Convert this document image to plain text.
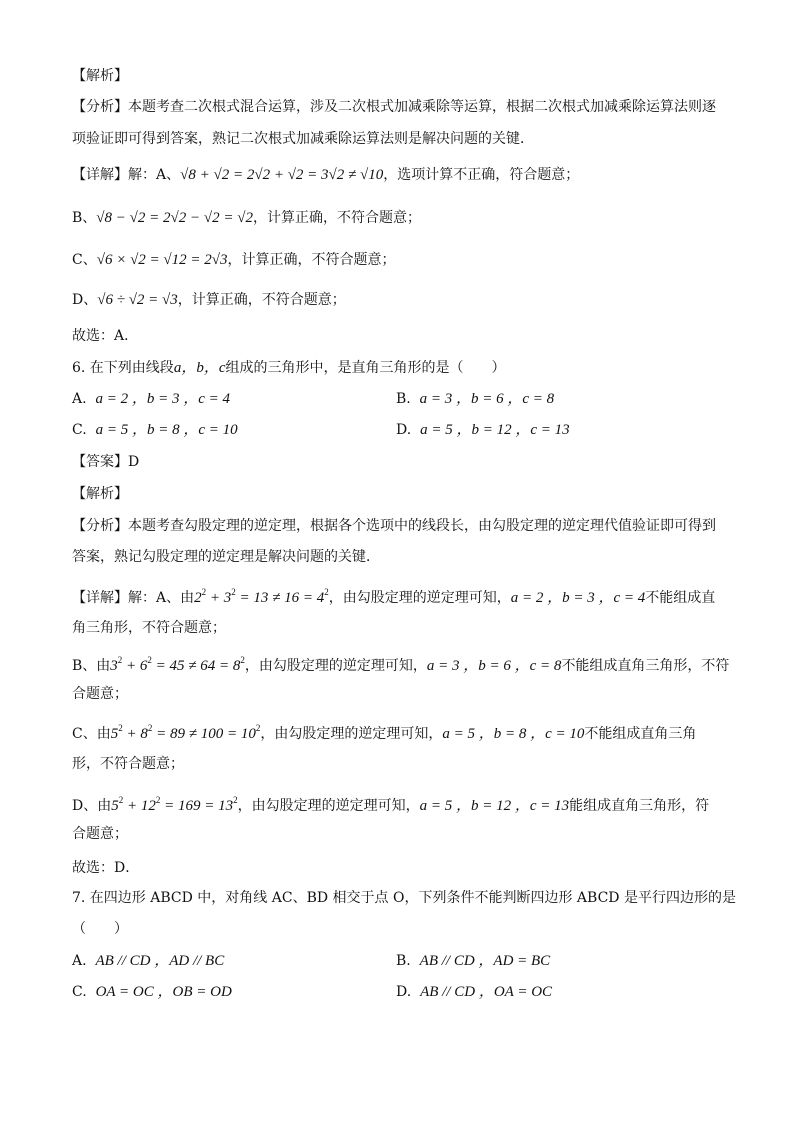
【解析】
【分析】本题考查二次根式混合运算，涉及二次根式加减乘除等运算，根据二次根式加减乘除运算法则逐
项验证即可得到答案，熟记二次根式加减乘除运算法则是解决问题的关键．
【详解】解：A、√8 + √2 = 2√2 + √2 = 3√2 ≠ √10，选项计算不正确，符合题意；
B、√8 − √2 = 2√2 − √2 = √2，计算正确，不符合题意；
C、√6 × √2 = √12 = 2√3，计算正确，不符合题意；
D、√6 ÷ √2 = √3，计算正确，不符合题意；
故选：A．
6. 在下列由线段a，b，c组成的三角形中，是直角三角形的是（　　）
A. a = 2 ，b = 3 ，c = 4	B. a = 3 ，b = 6 ，c = 8
C. a = 5 ，b = 8 ，c = 10	D. a = 5 ，b = 12 ，c = 13
【答案】D
【解析】
【分析】本题考查勾股定理的逆定理，根据各个选项中的线段长，由勾股定理的逆定理代值验证即可得到
答案，熟记勾股定理的逆定理是解决问题的关键．
【详解】解：A、由$2^2 + 3^2 = 13 \ne 16 = 4^2$，由勾股定理的逆定理可知，a = 2 ，b = 3 ，c = 4不能组成直
角三角形，不符合题意；
B、由$3^2 + 6^2 = 45 \ne 64 = 8^2$，由勾股定理的逆定理可知，a = 3 ，b = 6 ，c = 8不能组成直角三角形，不符
合题意；
C、由$5^2 + 8^2 = 89 \ne 100 = 10^2$，由勾股定理的逆定理可知，a = 5 ，b = 8 ，c = 10不能组成直角三角
形，不符合题意；
D、由$5^2 + 12^2 = 169 = 13^2$，由勾股定理的逆定理可知，a = 5 ，b = 12 ，c = 13能组成直角三角形，符
合题意；
故选：D．
7. 在四边形 ABCD 中，对角线 AC、BD 相交于点 O，下列条件不能判断四边形 ABCD 是平行四边形的是
（　　）
A. AB // CD ，AD // BC	B. AB // CD ，AD = BC
C. OA = OC ，OB = OD	D. AB // CD ，OA = OC
